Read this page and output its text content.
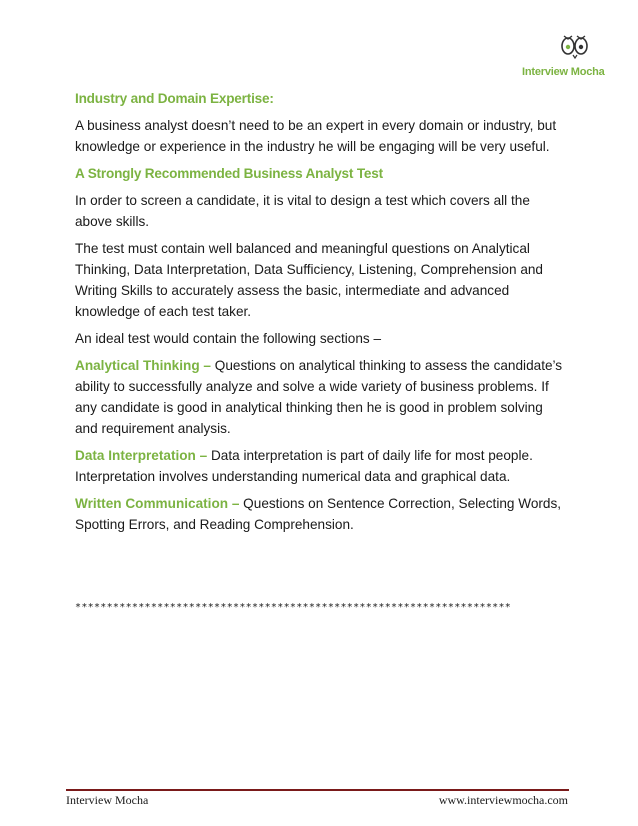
Interview Mocha

Industry and Domain Expertise:

A business analyst doesn’t need to be an expert in every domain or industry, but knowledge or experience in the industry he will be engaging will be very useful.

A Strongly Recommended Business Analyst Test

In order to screen a candidate, it is vital to design a test which covers all the above skills.

The test must contain well balanced and meaningful questions on Analytical Thinking, Data Interpretation, Data Sufficiency, Listening, Comprehension and Writing Skills to accurately assess the basic, intermediate and advanced knowledge of each test taker.

An ideal test would contain the following sections –

Analytical Thinking – Questions on analytical thinking to assess the candidate’s ability to successfully analyze and solve a wide variety of business problems. If any candidate is good in analytical thinking then he is good in problem solving and requirement analysis.

Data Interpretation – Data interpretation is part of daily life for most people. Interpretation involves understanding numerical data and graphical data.

Written Communication – Questions on Sentence Correction, Selecting Words, Spotting Errors, and Reading Comprehension.

*********************************************************************
Interview Mocha	www.interviewmocha.com
